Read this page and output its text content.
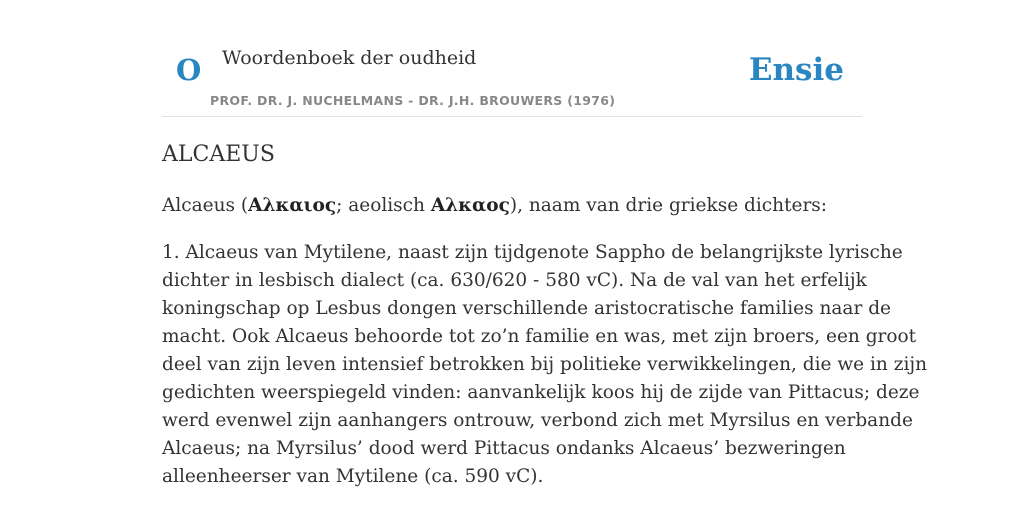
O Woordenboek der oudheid
PROF. DR. J. NUCHELMANS - DR. J.H. BROUWERS (1976)
Ensie
ALCAEUS

Alcaeus (Αλκαιος; aeolisch Αλκαος), naam van drie griekse dichters:

1. Alcaeus van Mytilene, naast zijn tijdgenote Sappho de belangrijkste lyrische
dichter in lesbisch dialect (ca. 630/620 - 580 vC). Na de val van het erfelijk
koningschap op Lesbus dongen verschillende aristocratische families naar de
macht. Ook Alcaeus behoorde tot zo’n familie en was, met zijn broers, een groot
deel van zijn leven intensief betrokken bij politieke verwikkelingen, die we in zijn
gedichten weerspiegeld vinden: aanvankelijk koos hij de zijde van Pittacus; deze
werd evenwel zijn aanhangers ontrouw, verbond zich met Myrsilus en verbande
Alcaeus; na Myrsilus’ dood werd Pittacus ondanks Alcaeus’ bezweringen
alleenheerser van Mytilene (ca. 590 vC).
